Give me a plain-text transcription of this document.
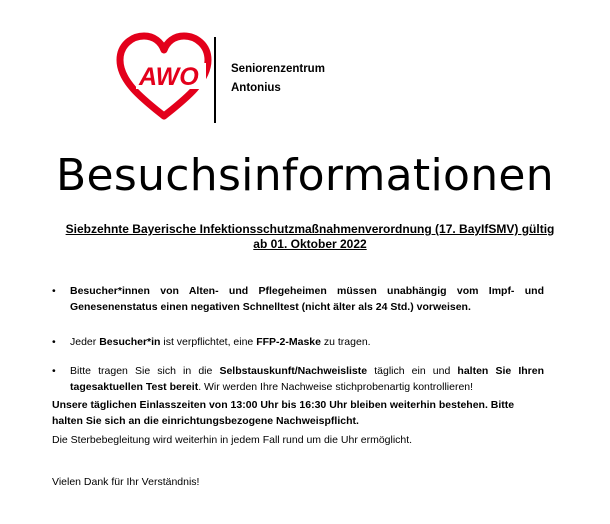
AWO	Seniorenzentrum
Antonius
Besuchsinformationen
Siebzehnte Bayerische Infektionsschutzmaßnahmenverordnung (17. BayIfSMV) gültig
ab 01. Oktober 2022
• Besucher*innen von Alten- und Pflegeheimen müssen unabhängig vom Impf- und Genesenenstatus einen negativen Schnelltest (nicht älter als 24 Std.) vorweisen.
• Jeder Besucher*in ist verpflichtet, eine FFP-2-Maske zu tragen.
• Bitte tragen Sie sich in die Selbstauskunft/Nachweisliste täglich ein und halten Sie Ihren tagesaktuellen Test bereit. Wir werden Ihre Nachweise stichprobenartig kontrollieren!

Unsere täglichen Einlasszeiten von 13:00 Uhr bis 16:30 Uhr bleiben weiterhin bestehen. Bitte halten Sie sich an die einrichtungsbezogene Nachweispflicht.

Die Sterbebegleitung wird weiterhin in jedem Fall rund um die Uhr ermöglicht.

Vielen Dank für Ihr Verständnis!
